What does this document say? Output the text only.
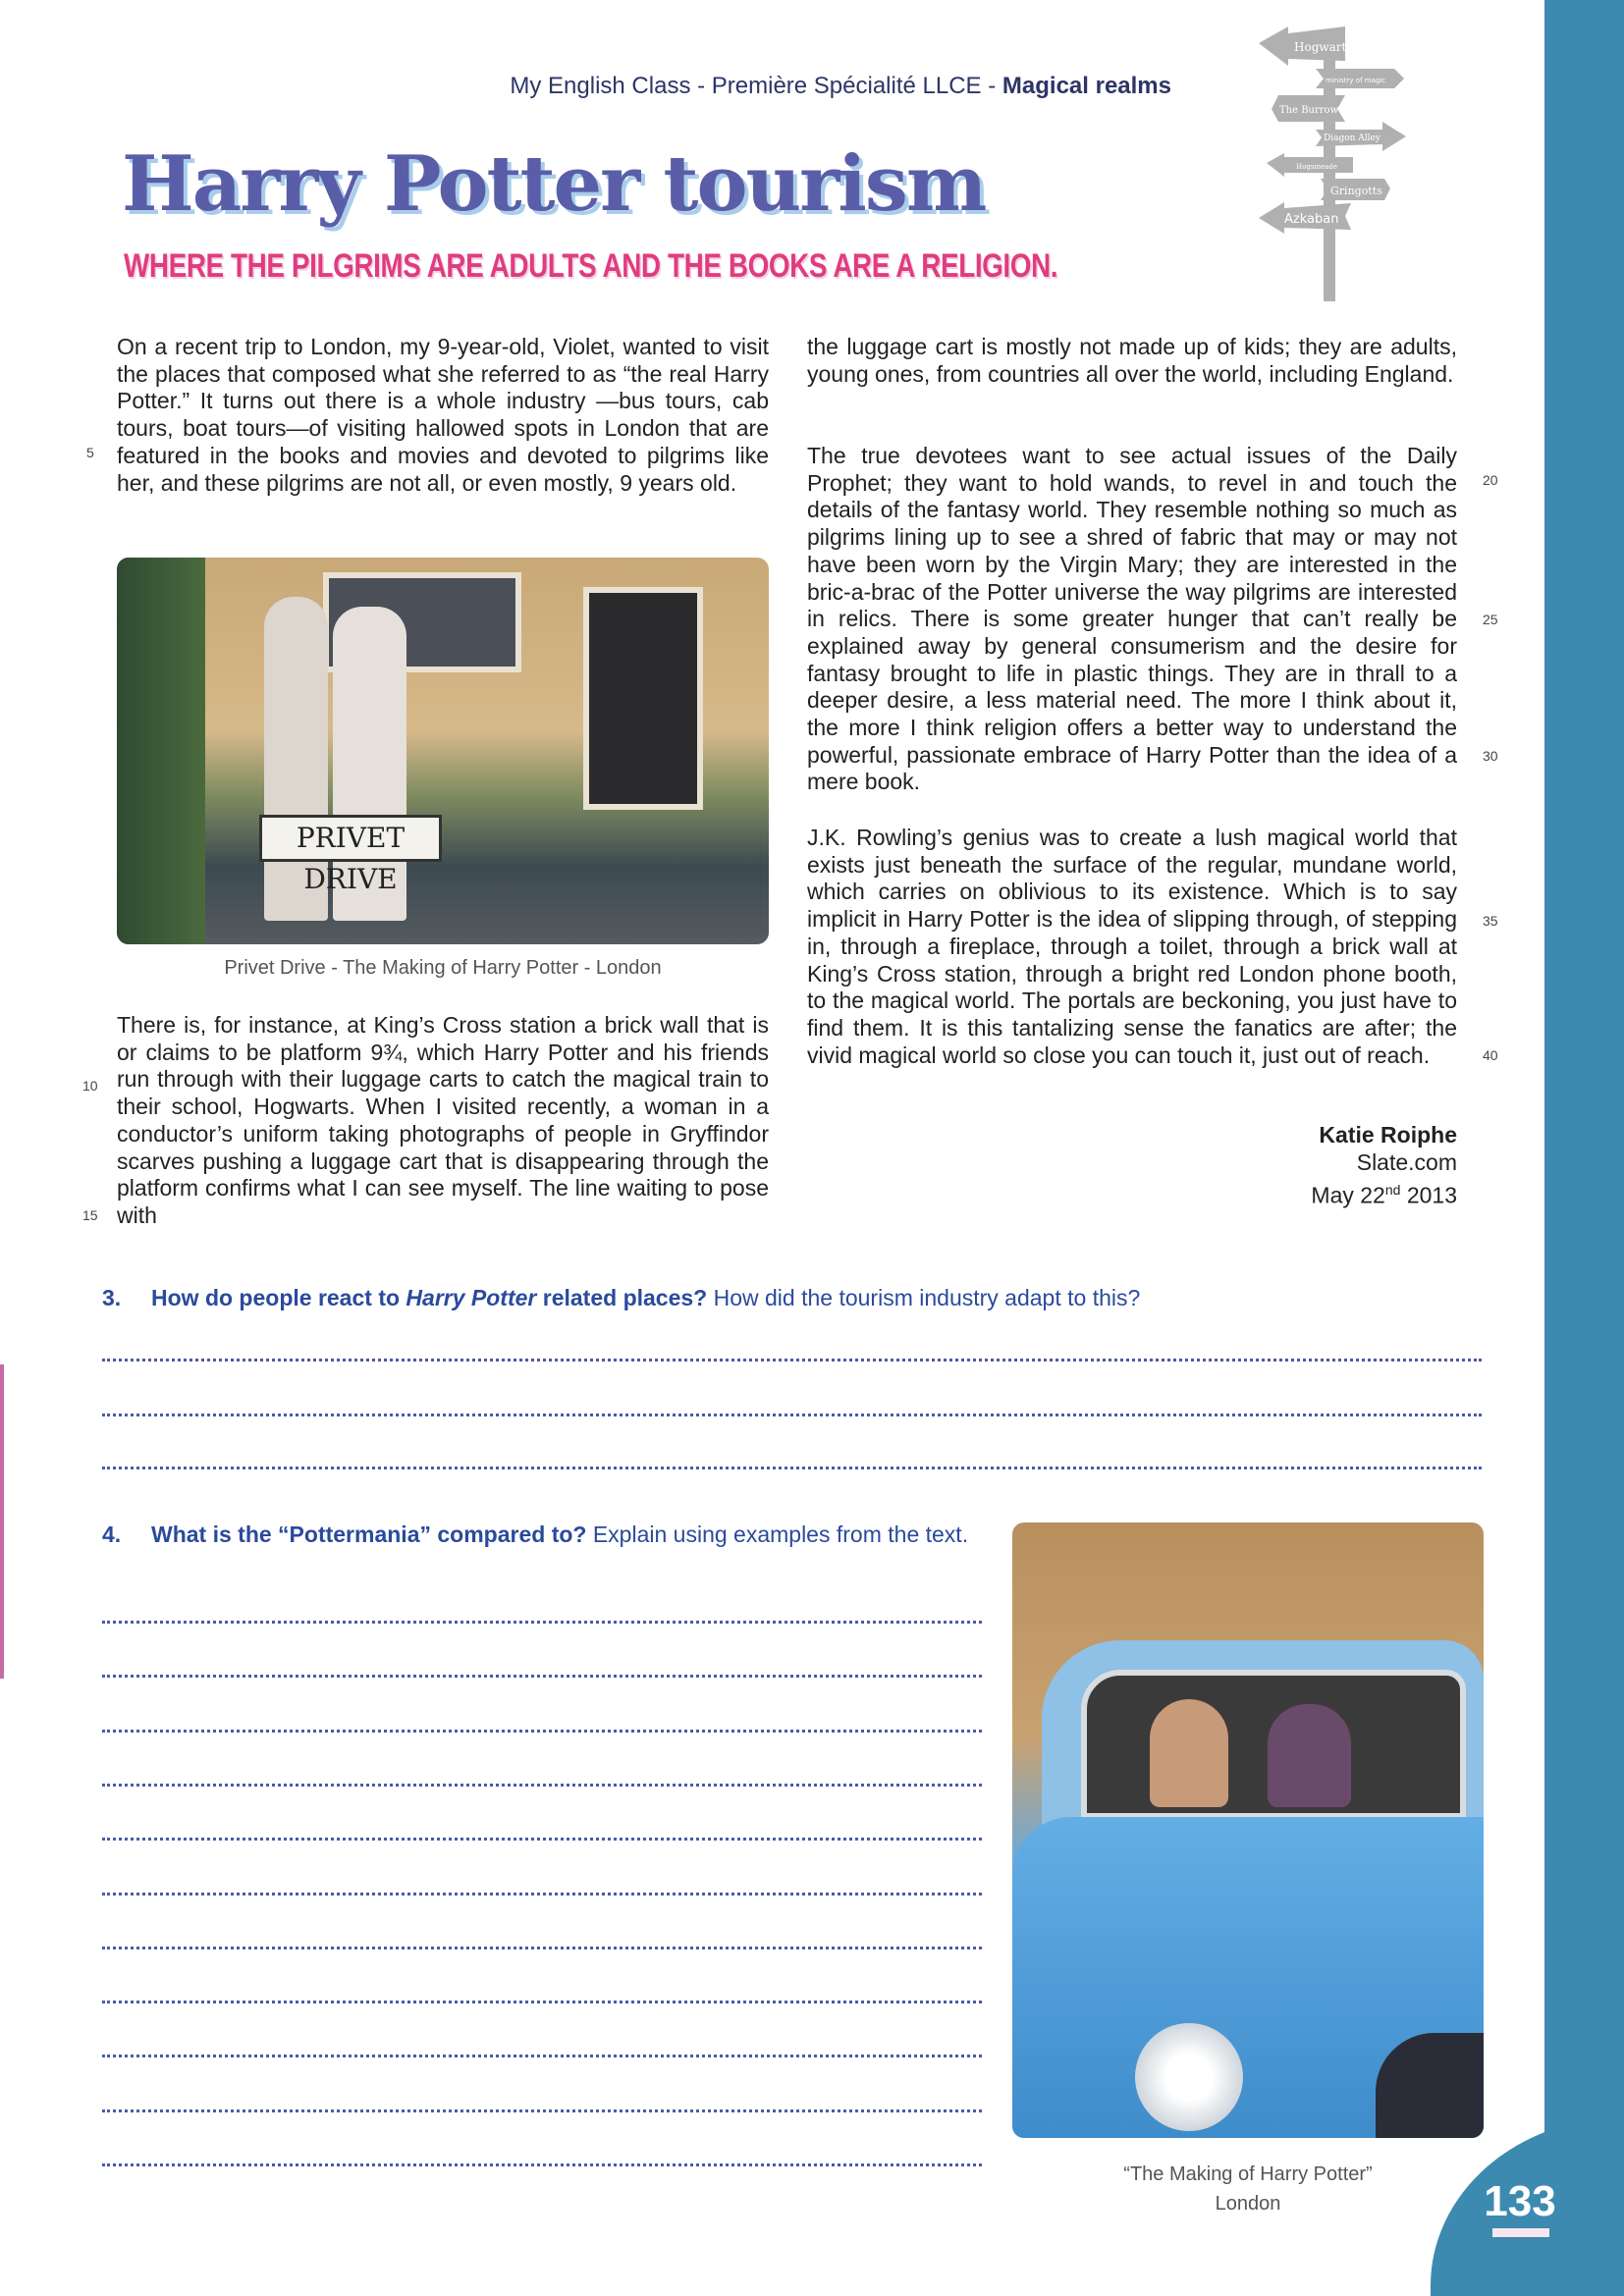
My English Class - Première Spécialité LLCE - Magical realms
Harry Potter tourism
WHERE THE PILGRIMS ARE ADULTS AND THE BOOKS ARE A RELIGION.
Hogwarts
ministry of magic
The Burrow
Diagon Alley
Hogsmeade
Gringotts
Azkaban
On a recent trip to London, my 9-year-old, Violet, wanted to visit the places that composed what she referred to as “the real Harry Potter.” It turns out there is a whole industry —bus tours, cab tours, boat tours—of visiting hallowed spots in London that are featured in the books and movies and devoted to pilgrims like her, and these pilgrims are not all, or even mostly, 9 years old.
5
PRIVET DRIVE
Privet Drive - The Making of Harry Potter - London
There is, for instance, at King’s Cross station a brick wall that is or claims to be platform 9¾, which Harry Potter and his friends run through with their luggage carts to catch the magical train to their school, Hogwarts. When I visited recently, a woman in a conductor’s uniform taking photographs of people in Gryffindor scarves pushing a luggage cart that is disappearing through the platform confirms what I can see myself. The line waiting to pose with
10
15
the luggage cart is mostly not made up of kids; they are adults, young ones, from countries all over the world, including England.
The true devotees want to see actual issues of the Daily Prophet; they want to hold wands, to revel in and touch the details of the fantasy world. They resemble nothing so much as pilgrims lining up to see a shred of fabric that may or may not have been worn by the Virgin Mary; they are interested in the bric-a-brac of the Potter universe the way pilgrims are interested in relics. There is some greater hunger that can’t really be explained away by general consumerism and the desire for fantasy brought to life in plastic things. They are in thrall to a deeper desire, a less material need. The more I think about it, the more I think religion offers a better way to understand the powerful, passionate embrace of Harry Potter than the idea of a mere book.
J.K. Rowling’s genius was to create a lush magical world that exists just beneath the surface of the regular, mundane world, which carries on oblivious to its existence. Which is to say implicit in Harry Potter is the idea of slipping through, of stepping in, through a fireplace, through a toilet, through a brick wall at King’s Cross station, through a bright red London phone booth, to the magical world. The portals are beckoning, you just have to find them. It is this tantalizing sense the fanatics are after; the vivid magical world so close you can touch it, just out of reach.
20
25
30
35
40
Katie Roiphe
Slate.com
May 22nd 2013
3. How do people react to Harry Potter related places? How did the tourism industry adapt to this?
4. What is the “Pottermania” compared to? Explain using examples from the text.
“The Making of Harry Potter”
London	133
